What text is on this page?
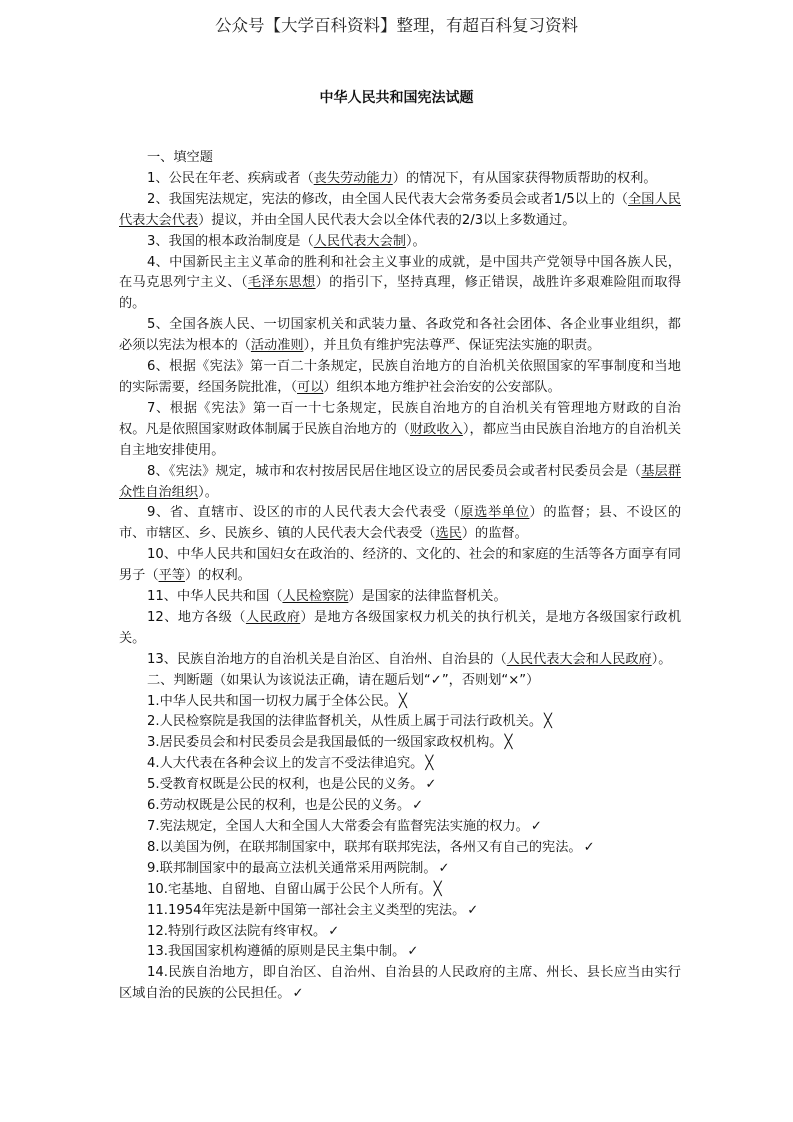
公众号【大学百科资料】整理，有超百科复习资料
中华人民共和国宪法试题

一、填空题

1、公民在年老、疾病或者（丧失劳动能力）的情况下，有从国家获得物质帮助的权利。

2、我国宪法规定，宪法的修改，由全国人民代表大会常务委员会或者1/5以上的（全国人民代表大会代表）提议，并由全国人民代表大会以全体代表的2/3以上多数通过。

3、我国的根本政治制度是（人民代表大会制）。

4、中国新民主主义革命的胜利和社会主义事业的成就，是中国共产党领导中国各族人民，在马克思列宁主义、（毛泽东思想）的指引下，坚持真理，修正错误，战胜许多艰难险阻而取得的。

5、全国各族人民、一切国家机关和武装力量、各政党和各社会团体、各企业事业组织，都必须以宪法为根本的（活动准则），并且负有维护宪法尊严、保证宪法实施的职责。

6、根据《宪法》第一百二十条规定，民族自治地方的自治机关依照国家的军事制度和当地的实际需要，经国务院批准，（可以）组织本地方维护社会治安的公安部队。

7、根据《宪法》第一百一十七条规定，民族自治地方的自治机关有管理地方财政的自治权。凡是依照国家财政体制属于民族自治地方的（财政收入），都应当由民族自治地方的自治机关自主地安排使用。

8、《宪法》规定，城市和农村按居民居住地区设立的居民委员会或者村民委员会是（基层群众性自治组织）。

9、省、直辖市、设区的市的人民代表大会代表受（原选举单位）的监督；县、不设区的市、市辖区、乡、民族乡、镇的人民代表大会代表受（选民）的监督。

10、中华人民共和国妇女在政治的、经济的、文化的、社会的和家庭的生活等各方面享有同男子（平等）的权利。

11、中华人民共和国（人民检察院）是国家的法律监督机关。

12、地方各级（人民政府）是地方各级国家权力机关的执行机关，是地方各级国家行政机关。

13、民族自治地方的自治机关是自治区、自治州、自治县的（人民代表大会和人民政府）。

二、判断题（如果认为该说法正确，请在题后划“✓”，否则划“×”）

1.中华人民共和国一切权力属于全体公民。 ╳

2.人民检察院是我国的法律监督机关，从性质上属于司法行政机关。 ╳

3.居民委员会和村民委员会是我国最低的一级国家政权机构。 ╳

4.人大代表在各种会议上的发言不受法律追究。 ╳

5.受教育权既是公民的权利，也是公民的义务。 ✓

6.劳动权既是公民的权利，也是公民的义务。 ✓

7.宪法规定，全国人大和全国人大常委会有监督宪法实施的权力。 ✓

8.以美国为例，在联邦制国家中，联邦有联邦宪法，各州又有自己的宪法。 ✓

9.联邦制国家中的最高立法机关通常采用两院制。 ✓

10.宅基地、自留地、自留山属于公民个人所有。 ╳

11.1954年宪法是新中国第一部社会主义类型的宪法。 ✓

12.特别行政区法院有终审权。 ✓

13.我国国家机构遵循的原则是民主集中制。 ✓

14.民族自治地方，即自治区、自治州、自治县的人民政府的主席、州长、县长应当由实行区域自治的民族的公民担任。 ✓
